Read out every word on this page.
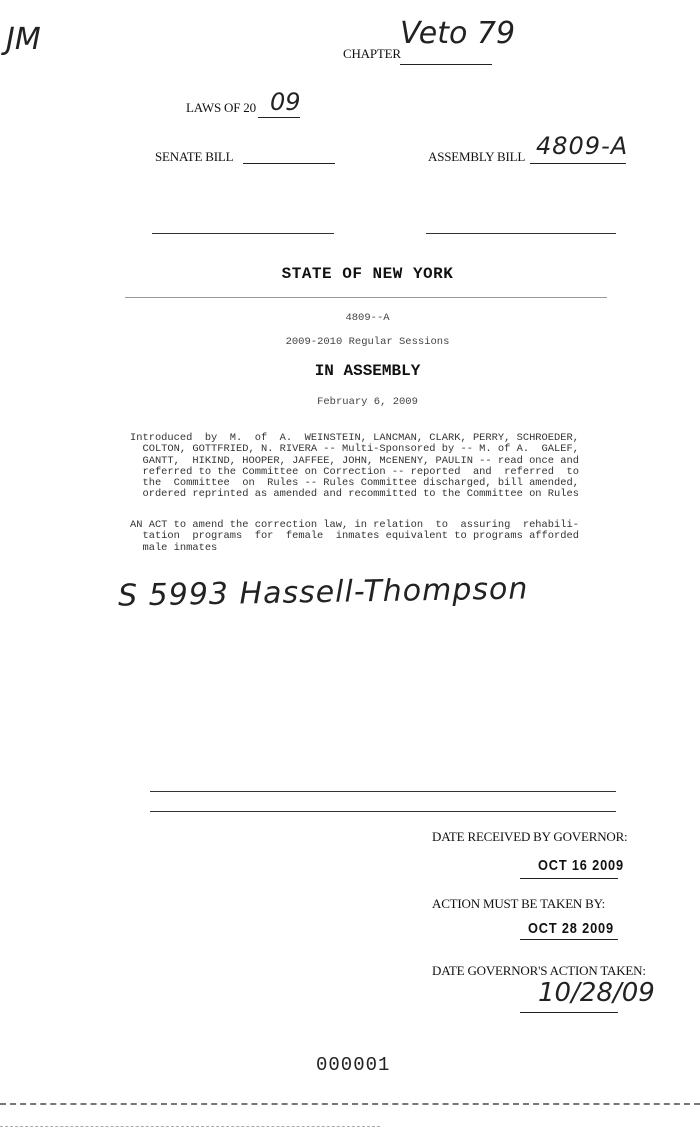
JM	CHAPTER
Veto 79
LAWS OF 20 09
SENATE BILL	ASSEMBLY BILL 4809-A
STATE OF NEW YORK
4809--A
2009-2010 Regular Sessions
IN ASSEMBLY
February 6, 2009
Introduced  by  M.  of  A.  WEINSTEIN, LANCMAN, CLARK, PERRY, SCHROEDER,
COLTON, GOTTFRIED, N. RIVERA -- Multi-Sponsored by -- M. of A.  GALEF,
GANTT,  HIKIND, HOOPER, JAFFEE, JOHN, McENENY, PAULIN -- read once and
referred to the Committee on Correction -- reported  and  referred  to
the  Committee  on  Rules -- Rules Committee discharged, bill amended,
ordered reprinted as amended and recommitted to the Committee on Rules
AN ACT to amend the correction law, in relation  to  assuring  rehabili-
tation  programs  for  female  inmates equivalent to programs afforded
male inmates
S 5993 Hassell-Thompson
DATE RECEIVED BY GOVERNOR:
OCT 16 2009
ACTION MUST BE TAKEN BY:
OCT 28 2009
DATE GOVERNOR'S ACTION TAKEN:
10/28/09
000001
